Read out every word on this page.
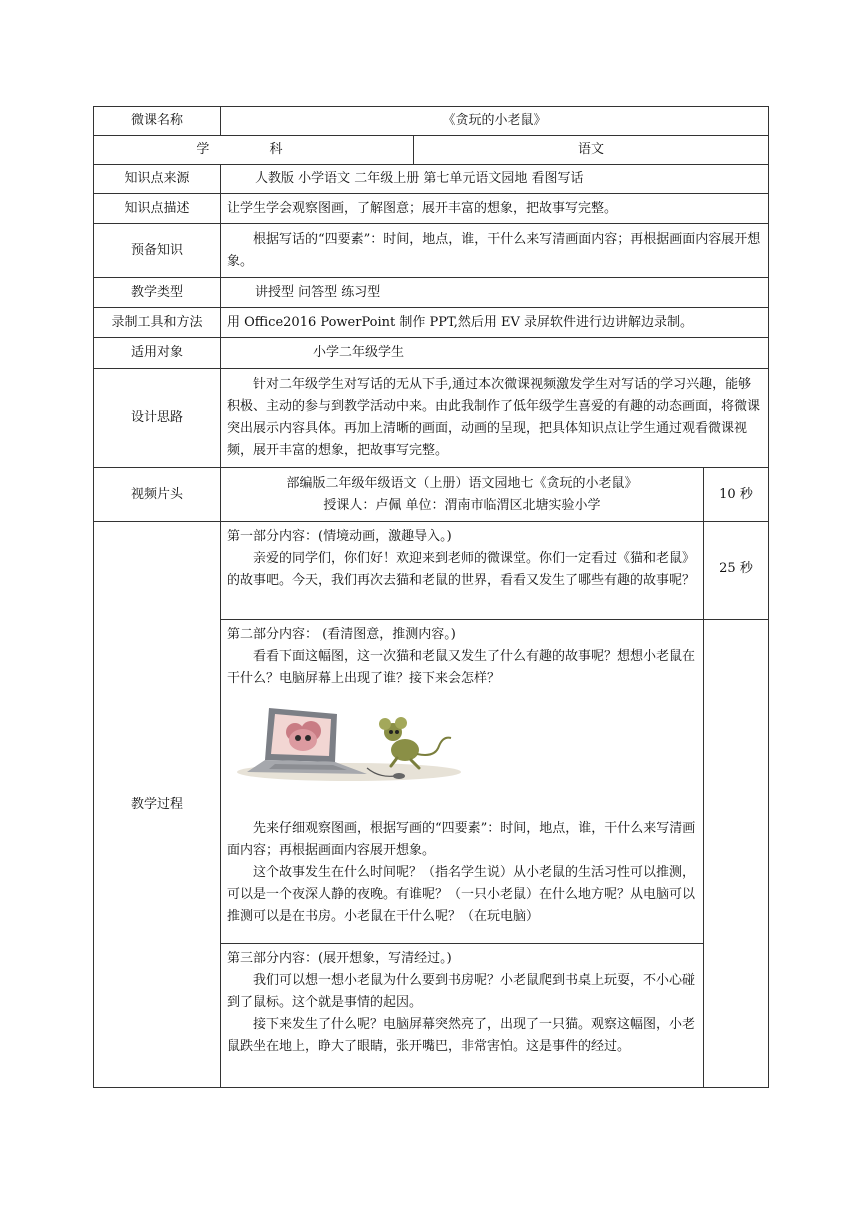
微课名称	《贪玩的小老鼠》		
学 科		语文	
知识点来源	人教版 小学语文 二年级上册 第七单元语文园地 看图写话		
知识点描述	让学生学会观察图画，了解图意；展开丰富的想象，把故事写完整。		
预备知识	根据写话的“四要素”：时间，地点，谁，干什么来写清画面内容；再根据画面内容展开想象。		
教学类型	讲授型 问答型 练习型		
录制工具和方法	用 Office2016 PowerPoint 制作 PPT,然后用 EV 录屏软件进行边讲解边录制。		
适用对象	小学二年级学生		
设计思路	针对二年级学生对写话的无从下手,通过本次微课视频激发学生对写话的学习兴趣，能够积极、主动的参与到教学活动中来。由此我制作了低年级学生喜爱的有趣的动态画面，将微课突出展示内容具体。再加上清晰的画面，动画的呈现，把具体知识点让学生通过观看微课视频，展开丰富的想象，把故事写完整。		
视频片头	部编版二年级年级语文（上册）语文园地七《贪玩的小老鼠》
授课人：卢佩 单位：渭南市临渭区北塘实验小学		10 秒
教学过程	第一部分内容：(情境动画，激趣导入。)

亲爱的同学们，你们好！欢迎来到老师的微课堂。你们一定看过《猫和老鼠》的故事吧。今天，我们再次去猫和老鼠的世界，看看又发生了哪些有趣的故事呢？		25 秒

	第二部分内容： (看清图意，推测内容。)

看看下面这幅图，这一次猫和老鼠又发生了什么有趣的故事呢？想想小老鼠在干什么？电脑屏幕上出现了谁？接下来会怎样？

先来仔细观察图画，根据写画的“四要素”：时间，地点，谁，干什么来写清画面内容；再根据画面内容展开想象。

这个故事发生在什么时间呢？（指名学生说）从小老鼠的生活习性可以推测，可以是一个夜深人静的夜晚。有谁呢？（一只小老鼠）在什么地方呢？从电脑可以推测可以是在书房。小老鼠在干什么呢？（在玩电脑）		

	第三部分内容：(展开想象，写清经过。)

我们可以想一想小老鼠为什么要到书房呢？小老鼠爬到书桌上玩耍，不小心碰到了鼠标。这个就是事情的起因。

接下来发生了什么呢？电脑屏幕突然亮了，出现了一只猫。观察这幅图，小老鼠跌坐在地上，睁大了眼睛，张开嘴巴，非常害怕。这是事件的经过。		
